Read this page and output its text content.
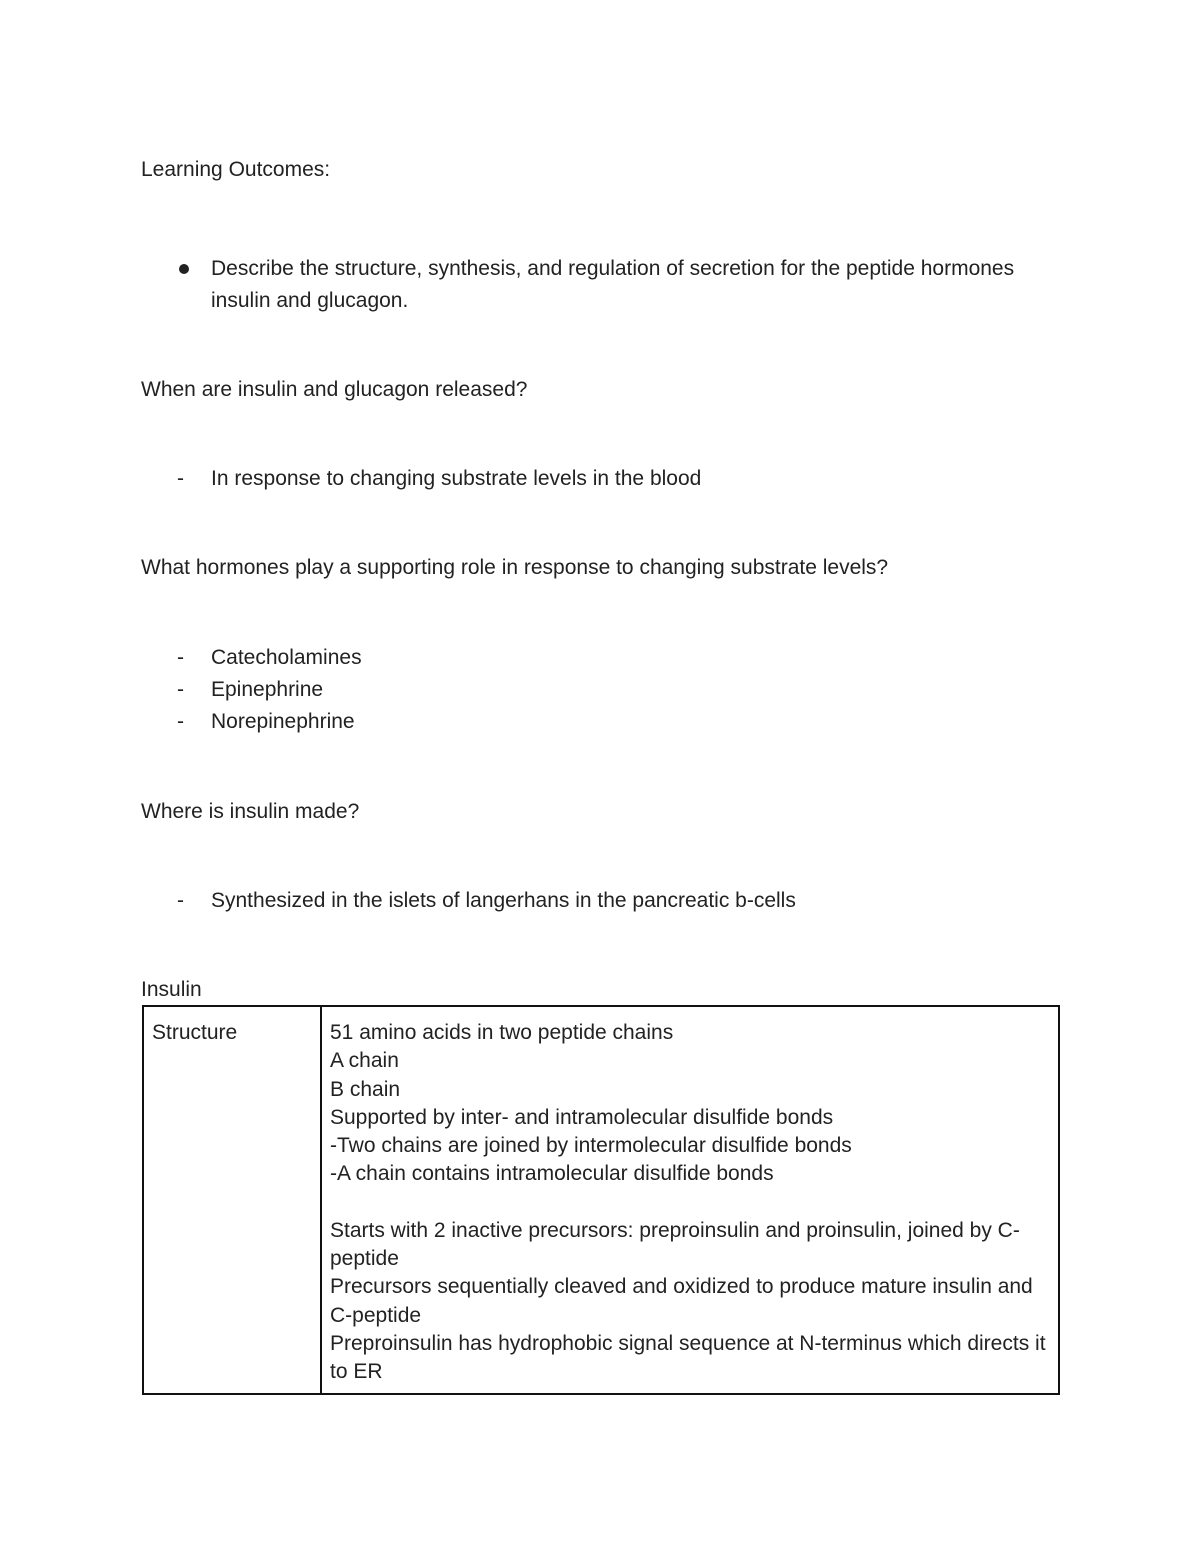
Learning Outcomes:
Describe the structure, synthesis, and regulation of secretion for the peptide hormones insulin and glucagon.
When are insulin and glucagon released?
- In response to changing substrate levels in the blood
What hormones play a supporting role in response to changing substrate levels?
- Catecholamines
- Epinephrine
- Norepinephrine
Where is insulin made?
- Synthesized in the islets of langerhans in the pancreatic b-cells
Insulin
Structure	51 amino acids in two peptide chains
A chain
B chain
Supported by inter- and intramolecular disulfide bonds
-Two chains are joined by intermolecular disulfide bonds
-A chain contains intramolecular disulfide bonds
Starts with 2 inactive precursors: preproinsulin and proinsulin, joined by C-peptide
Precursors sequentially cleaved and oxidized to produce mature insulin and C-peptide
Preproinsulin has hydrophobic signal sequence at N-terminus which directs it to ER
